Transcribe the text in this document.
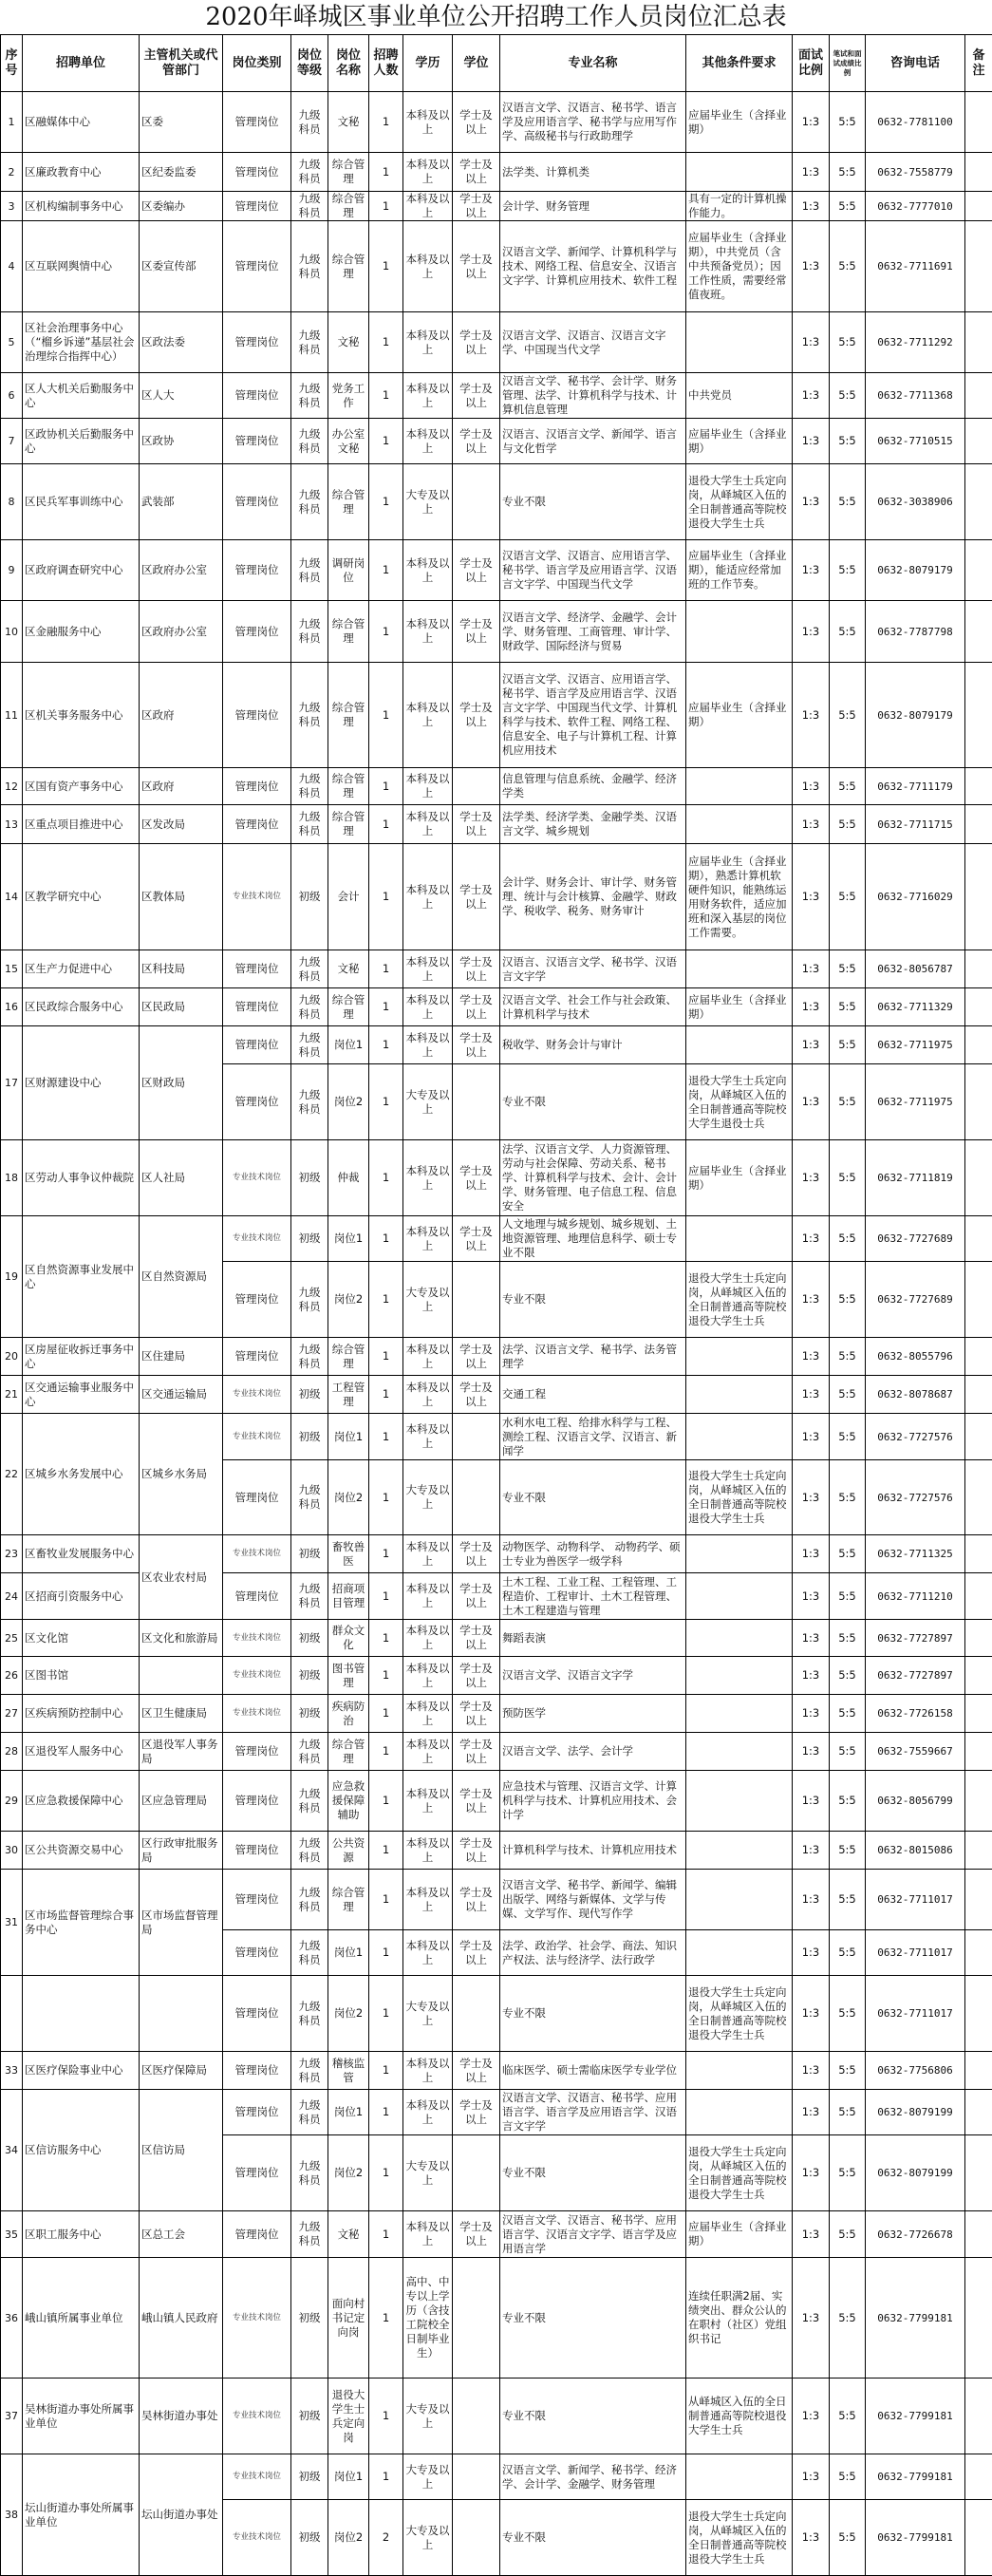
2020年峄城区事业单位公开招聘工作人员岗位汇总表
序号	招聘单位	主管机关或代管部门	岗位类别	岗位等级	岗位名称	招聘人数	学历	学位	专业名称	其他条件要求	面试比例	笔试和面试成绩比例	咨询电话	备注
1	区融媒体中心	区委	管理岗位	九级科员	文秘	1	本科及以上	学士及以上	汉语言文学、汉语言、秘书学、语言学及应用语言学、秘书学与应用写作学、高级秘书与行政助理学	应届毕业生（含择业期）	1:3	5:5	0632-7781100	
2	区廉政教育中心	区纪委监委	管理岗位	九级科员	综合管理	1	本科及以上	学士及以上	法学类、计算机类		1:3	5:5	0632-7558779	
3	区机构编制事务中心	区委编办	管理岗位	九级科员	综合管理	1	本科及以上	学士及以上	会计学、财务管理	具有一定的计算机操作能力。	1:3	5:5	0632-7777010	
4	区互联网舆情中心	区委宣传部	管理岗位	九级科员	综合管理	1	本科及以上	学士及以上	汉语言文学、新闻学、计算机科学与技术、网络工程、信息安全、汉语言文字学、计算机应用技术、软件工程	应届毕业生（含择业期），中共党员（含中共预备党员）；因工作性质，需要经常值夜班。	1:3	5:5	0632-7711691	
5	区社会治理事务中心（“榴乡诉递”基层社会治理综合指挥中心）	区政法委	管理岗位	九级科员	文秘	1	本科及以上	学士及以上	汉语言文学、汉语言、汉语言文字学、中国现当代文学		1:3	5:5	0632-7711292	
6	区人大机关后勤服务中心	区人大	管理岗位	九级科员	党务工作	1	本科及以上	学士及以上	汉语言文学、秘书学、会计学、财务管理、法学、计算机科学与技术、计算机信息管理	中共党员	1:3	5:5	0632-7711368	
7	区政协机关后勤服务中心	区政协	管理岗位	九级科员	办公室文秘	1	本科及以上	学士及以上	汉语言、汉语言文学、新闻学、语言与文化哲学	应届毕业生（含择业期）	1:3	5:5	0632-7710515	
8	区民兵军事训练中心	武装部	管理岗位	九级科员	综合管理	1	大专及以上		专业不限	退役大学生士兵定向岗，从峄城区入伍的全日制普通高等院校退役大学生士兵	1:3	5:5	0632-3038906	
9	区政府调查研究中心	区政府办公室	管理岗位	九级科员	调研岗位	1	本科及以上	学士及以上	汉语言文学、汉语言、应用语言学、秘书学、语言学及应用语言学、汉语言文字学、中国现当代文学	应届毕业生（含择业期），能适应经常加班的工作节奏。	1:3	5:5	0632-8079179	
10	区金融服务中心	区政府办公室	管理岗位	九级科员	综合管理	1	本科及以上	学士及以上	汉语言文学、经济学、金融学、会计学、财务管理、工商管理、审计学、财政学、国际经济与贸易		1:3	5:5	0632-7787798	
11	区机关事务服务中心	区政府	管理岗位	九级科员	综合管理	1	本科及以上	学士及以上	汉语言文学、汉语言、应用语言学、秘书学、语言学及应用语言学、汉语言文字学、中国现当代文学、计算机科学与技术、软件工程、网络工程、信息安全、电子与计算机工程、计算机应用技术	应届毕业生（含择业期）	1:3	5:5	0632-8079179	
12	区国有资产事务中心	区政府	管理岗位	九级科员	综合管理	1	本科及以上		信息管理与信息系统、金融学、经济学类		1:3	5:5	0632-7711179	
13	区重点项目推进中心	区发改局	管理岗位	九级科员	综合管理	1	本科及以上	学士及以上	法学类、经济学类、金融学类、汉语言文学、城乡规划		1:3	5:5	0632-7711715	
14	区教学研究中心	区教体局	专业技术岗位	初级	会计	1	本科及以上	学士及以上	会计学、财务会计、审计学、财务管理、统计与会计核算、金融学、财政学、税收学、税务、财务审计	应届毕业生（含择业期），熟悉计算机软硬件知识，能熟练运用财务软件，适应加班和深入基层的岗位工作需要。	1:3	5:5	0632-7716029	
15	区生产力促进中心	区科技局	管理岗位	九级科员	文秘	1	本科及以上	学士及以上	汉语言、汉语言文学、秘书学、汉语言文字学		1:3	5:5	0632-8056787	
16	区民政综合服务中心	区民政局	管理岗位	九级科员	综合管理	1	本科及以上	学士及以上	汉语言文学、社会工作与社会政策、计算机科学与技术	应届毕业生（含择业期）	1:3	5:5	0632-7711329	
17	区财源建设中心	区财政局	管理岗位	九级科员	岗位1	1	本科及以上	学士及以上	税收学、财务会计与审计		1:3	5:5	0632-7711975	
			管理岗位	九级科员	岗位2	1	大专及以上		专业不限	退役大学生士兵定向岗，从峄城区入伍的全日制普通高等院校大学生退役士兵	1:3	5:5	0632-7711975	
18	区劳动人事争议仲裁院	区人社局	专业技术岗位	初级	仲裁	1	本科及以上	学士及以上	法学、汉语言文学、人力资源管理、劳动与社会保障、劳动关系、秘书学、计算机科学与技术、会计、会计学、财务管理、电子信息工程、信息安全	应届毕业生（含择业期）	1:3	5:5	0632-7711819	
19	区自然资源事业发展中心	区自然资源局	专业技术岗位	初级	岗位1	1	本科及以上	学士及以上	人文地理与城乡规划、城乡规划、土地资源管理、地理信息科学、硕士专业不限		1:3	5:5	0632-7727689	
			管理岗位	九级科员	岗位2	1	大专及以上		专业不限	退役大学生士兵定向岗，从峄城区入伍的全日制普通高等院校退役大学生士兵	1:3	5:5	0632-7727689	
20	区房屋征收拆迁事务中心	区住建局	管理岗位	九级科员	综合管理	1	本科及以上	学士及以上	法学、汉语言文学、秘书学、法务管理学		1:3	5:5	0632-8055796	
21	区交通运输事业服务中心	区交通运输局	专业技术岗位	初级	工程管理	1	本科及以上	学士及以上	交通工程		1:3	5:5	0632-8078687	
22	区城乡水务发展中心	区城乡水务局	专业技术岗位	初级	岗位1	1	本科及以上		水利水电工程、给排水科学与工程、测绘工程、汉语言文学、汉语言、新闻学		1:3	5:5	0632-7727576	
			管理岗位	九级科员	岗位2	1	大专及以上		专业不限	退役大学生士兵定向岗，从峄城区入伍的全日制普通高等院校退役大学生士兵	1:3	5:5	0632-7727576	
23	区畜牧业发展服务中心	区农业农村局	专业技术岗位	初级	畜牧兽医	1	本科及以上	学士及以上	动物医学、动物科学、 动物药学、硕士专业为兽医学一级学科		1:3	5:5	0632-7711325	
24	区招商引资服务中心		管理岗位	九级科员	招商项目管理	1	本科及以上	学士及以上	土木工程、工业工程、工程管理、工程造价、工程审计、土木工程管理、土木工程建造与管理		1:3	5:5	0632-7711210	
25	区文化馆	区文化和旅游局	专业技术岗位	初级	群众文化	1	本科及以上	学士及以上	舞蹈表演		1:3	5:5	0632-7727897	
26	区图书馆		专业技术岗位	初级	图书管理	1	本科及以上	学士及以上	汉语言文学、汉语言文字学		1:3	5:5	0632-7727897	
27	区疾病预防控制中心	区卫生健康局	专业技术岗位	初级	疾病防治	1	本科及以上	学士及以上	预防医学		1:3	5:5	0632-7726158	
28	区退役军人服务中心	区退役军人事务局	管理岗位	九级科员	综合管理	1	本科及以上	学士及以上	汉语言文学、法学、会计学		1:3	5:5	0632-7559667	
29	区应急救援保障中心	区应急管理局	管理岗位	九级科员	应急救援保障辅助	1	本科及以上	学士及以上	应急技术与管理、汉语言文学、计算机科学与技术、计算机应用技术、会计学		1:3	5:5	0632-8056799	
30	区公共资源交易中心	区行政审批服务局	管理岗位	九级科员	公共资源	1	本科及以上	学士及以上	计算机科学与技术、计算机应用技术		1:3	5:5	0632-8015086	
31	区市场监督管理综合事务中心	区市场监督管理局	管理岗位	九级科员	综合管理	1	本科及以上	学士及以上	汉语言文学、秘书学、新闻学、编辑出版学、网络与新媒体、文学与传媒、文学写作、现代写作学		1:3	5:5	0632-7711017	
			管理岗位	九级科员	岗位1	1	本科及以上	学士及以上	法学、政治学、社会学、商法、知识产权法、法与经济学、法行政学		1:3	5:5	0632-7711017	
			管理岗位	九级科员	岗位2	1	大专及以上		专业不限	退役大学生士兵定向岗，从峄城区入伍的全日制普通高等院校退役大学生士兵	1:3	5:5	0632-7711017	
33	区医疗保险事业中心	区医疗保障局	管理岗位	九级科员	稽核监管	1	本科及以上	学士及以上	临床医学、硕士需临床医学专业学位		1:3	5:5	0632-7756806	
34	区信访服务中心	区信访局	管理岗位	九级科员	岗位1	1	本科及以上	学士及以上	汉语言文学、汉语言、秘书学、应用语言学、语言学及应用语言学、汉语言文字学		1:3	5:5	0632-8079199	
			管理岗位	九级科员	岗位2	1	大专及以上		专业不限	退役大学生士兵定向岗，从峄城区入伍的全日制普通高等院校退役大学生士兵	1:3	5:5	0632-8079199	
35	区职工服务中心	区总工会	管理岗位	九级科员	文秘	1	本科及以上	学士及以上	汉语言文学、汉语言、秘书学、应用语言学、汉语言文字学、语言学及应用语言学	应届毕业生（含择业期）	1:3	5:5	0632-7726678	
36	峨山镇所属事业单位	峨山镇人民政府	专业技术岗位	初级	面向村书记定向岗	1	高中、中专以上学历（含技工院校全日制毕业生）		专业不限	连续任职满2届、实绩突出、群众公认的在职村（社区）党组织书记	1:3	5:5	0632-7799181	
37	吴林街道办事处所属事业单位	吴林街道办事处	专业技术岗位	初级	退役大学生士兵定向岗	1	大专及以上		专业不限	从峄城区入伍的全日制普通高等院校退役大学生士兵	1:3	5:5	0632-7799181	
38	坛山街道办事处所属事业单位	坛山街道办事处	专业技术岗位	初级	岗位1	1	大专及以上		汉语言文学、新闻学、秘书学、经济学、会计学、金融学、财务管理		1:3	5:5	0632-7799181	
			专业技术岗位	初级	岗位2	2	大专及以上		专业不限	退役大学生士兵定向岗，从峄城区入伍的全日制普通高等院校退役大学生士兵	1:3	5:5	0632-7799181	
